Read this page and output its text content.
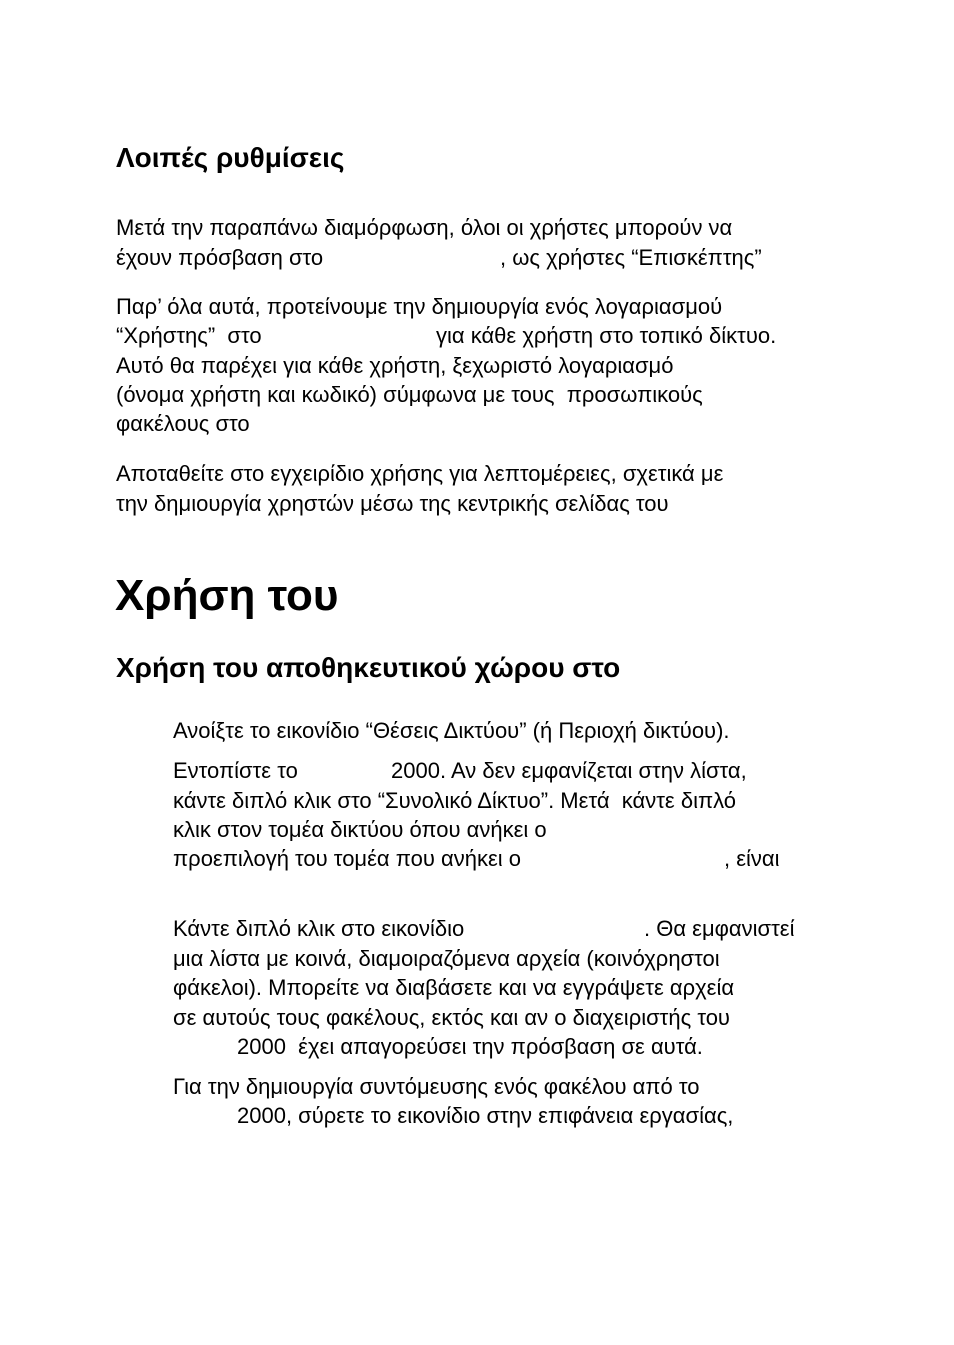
Λοιπές ρυθμίσεις
Μετά την παραπάνω διαμόρφωση, όλοι οι χρήστες μπορούν να
έχουν πρόσβαση στο	, ως χρήστες “Επισκέπτης”
Παρ’ όλα αυτά, προτείνουμε την δημιουργία ενός λογαριασμού
“Χρήστης”  στο	για κάθε χρήστη στο τοπικό δίκτυο.
Αυτό θα παρέχει για κάθε χρήστη, ξεχωριστό λογαριασμό
(όνομα χρήστη και κωδικό) σύμφωνα με τους  προσωπικούς
φακέλους στο
Αποταθείτε στο εγχειρίδιο χρήσης για λεπτομέρειες, σχετικά με
την δημιουργία χρηστών μέσω της κεντρικής σελίδας του
Χρήση του
Χρήση του αποθηκευτικού χώρου στο
Ανοίξτε το εικονίδιο “Θέσεις Δικτύου” (ή Περιοχή δικτύου).
Εντοπίστε το	2000. Αν δεν εμφανίζεται στην λίστα,
κάντε διπλό κλικ στο “Συνολικό Δίκτυο”. Μετά  κάντε διπλό
κλικ στον τομέα δικτύου όπου ανήκει ο
προεπιλογή του τομέα που ανήκει ο	, είναι
Κάντε διπλό κλικ στο εικονίδιο	. Θα εμφανιστεί
μια λίστα με κοινά, διαμοιραζόμενα αρχεία (κοινόχρηστοι
φάκελοι). Μπορείτε να διαβάσετε και να εγγράψετε αρχεία
σε αυτούς τους φακέλους, εκτός και αν ο διαχειριστής του
2000  έχει απαγορεύσει την πρόσβαση σε αυτά.
Για την δημιουργία συντόμευσης ενός φακέλου από το
2000, σύρετε το εικονίδιο στην επιφάνεια εργασίας,
